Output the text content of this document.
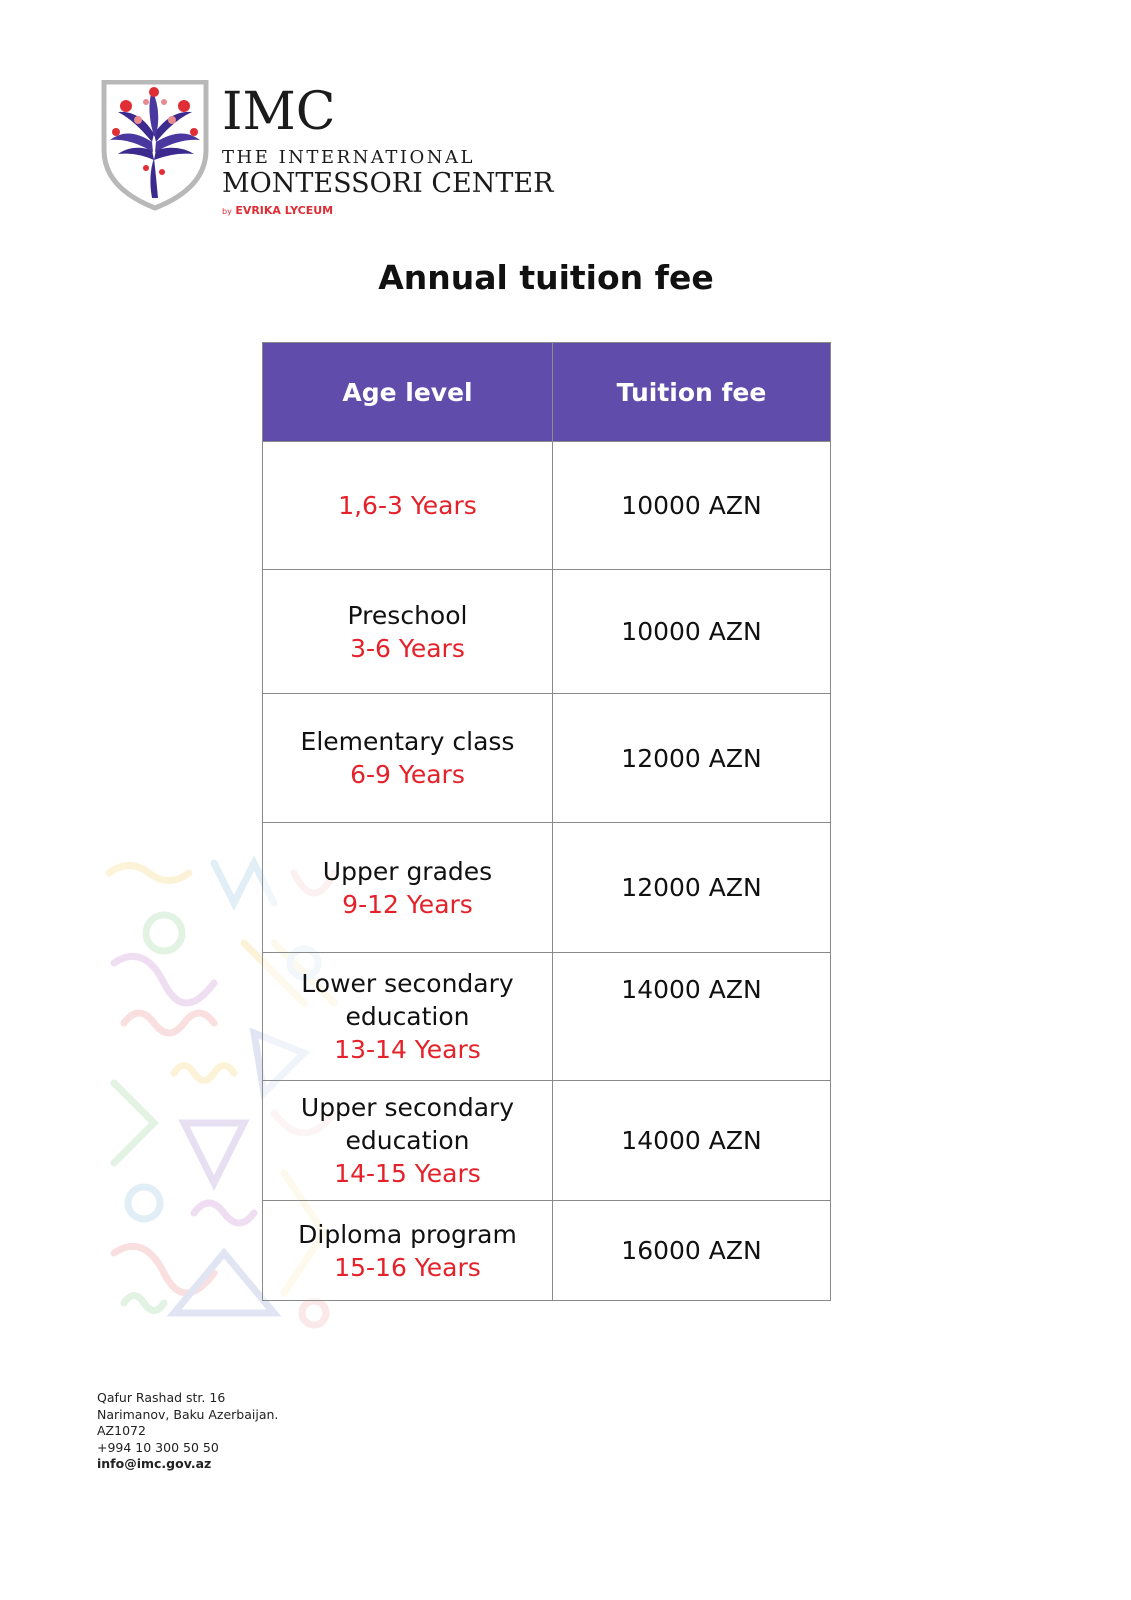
IMC
THE INTERNATIONAL
MONTESSORI CENTER
by EVRIKA LYCEUM
Annual tuition fee
Age level	Tuition fee

1,6-3 Years	10000 AZN

Preschool
3-6 Years	10000 AZN

Elementary class
6-9 Years	12000 AZN

Upper grades
9-12 Years	12000 AZN

Lower secondary education
13-14 Years	14000 AZN

Upper secondary education
14-15 Years	14000 AZN

Diploma program
15-16 Years	16000 AZN
Qafur Rashad str. 16
Narimanov, Baku Azerbaijan.
AZ1072
+994 10 300 50 50
info@imc.gov.az
